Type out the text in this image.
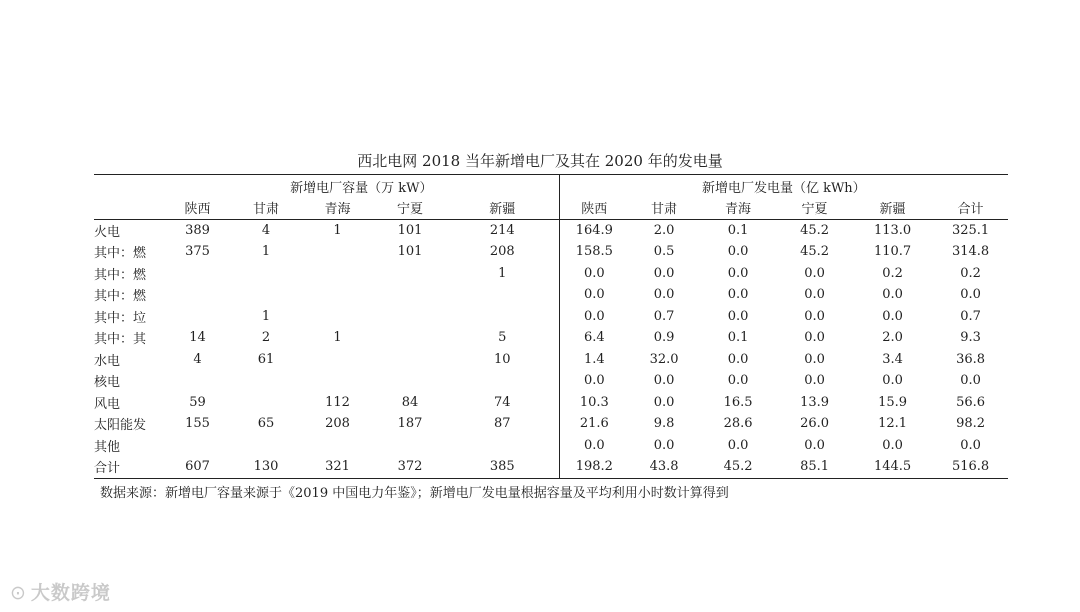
西北电网 2018 当年新增电厂及其在 2020 年的发电量
	新增电厂容量（万 kW）					新增电厂发电量（亿 kWh）					
	陕西	甘肃	青海	宁夏	新疆	陕西	甘肃	青海	宁夏	新疆	合计
火电	389	4	1	101	214	164.9	2.0	0.1	45.2	113.0	325.1
其中：燃	375	1		101	208	158.5	0.5	0.0	45.2	110.7	314.8
其中：燃					1	0.0	0.0	0.0	0.0	0.2	0.2
其中：燃						0.0	0.0	0.0	0.0	0.0	0.0
其中：垃		1				0.0	0.7	0.0	0.0	0.0	0.7
其中：其	14	2	1		5	6.4	0.9	0.1	0.0	2.0	9.3
水电	4	61			10	1.4	32.0	0.0	0.0	3.4	36.8
核电						0.0	0.0	0.0	0.0	0.0	0.0
风电	59		112	84	74	10.3	0.0	16.5	13.9	15.9	56.6
太阳能发	155	65	208	187	87	21.6	9.8	28.6	26.0	12.1	98.2
其他						0.0	0.0	0.0	0.0	0.0	0.0
合计	607	130	321	372	385	198.2	43.8	45.2	85.1	144.5	516.8
数据来源：新增电厂容量来源于《2019 中国电力年鉴》；新增电厂发电量根据容量及平均利用小时数计算得到
⊙ 大数跨境
